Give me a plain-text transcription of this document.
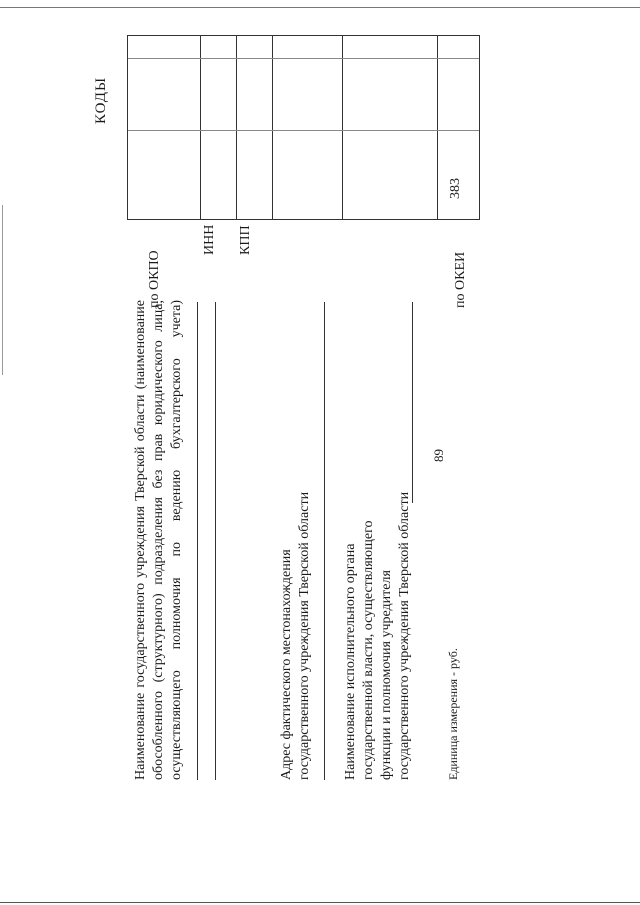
89
КОДЫ
Наименование государственного учреждения Тверской области (наименование обособленного (структурного) подразделения без прав юридического лица, осуществляющего полномочия по ведению бухгалтерского учета)	Адрес фактического местонахождения государственного учреждения Тверской области Наименование исполнительного органа государственной власти, осуществляющего функции и полномочия учредителя государственного учреждения Тверской области	Единица измерения - руб.
по ОКПО
ИНН КПП
по ОКЕИ
383
